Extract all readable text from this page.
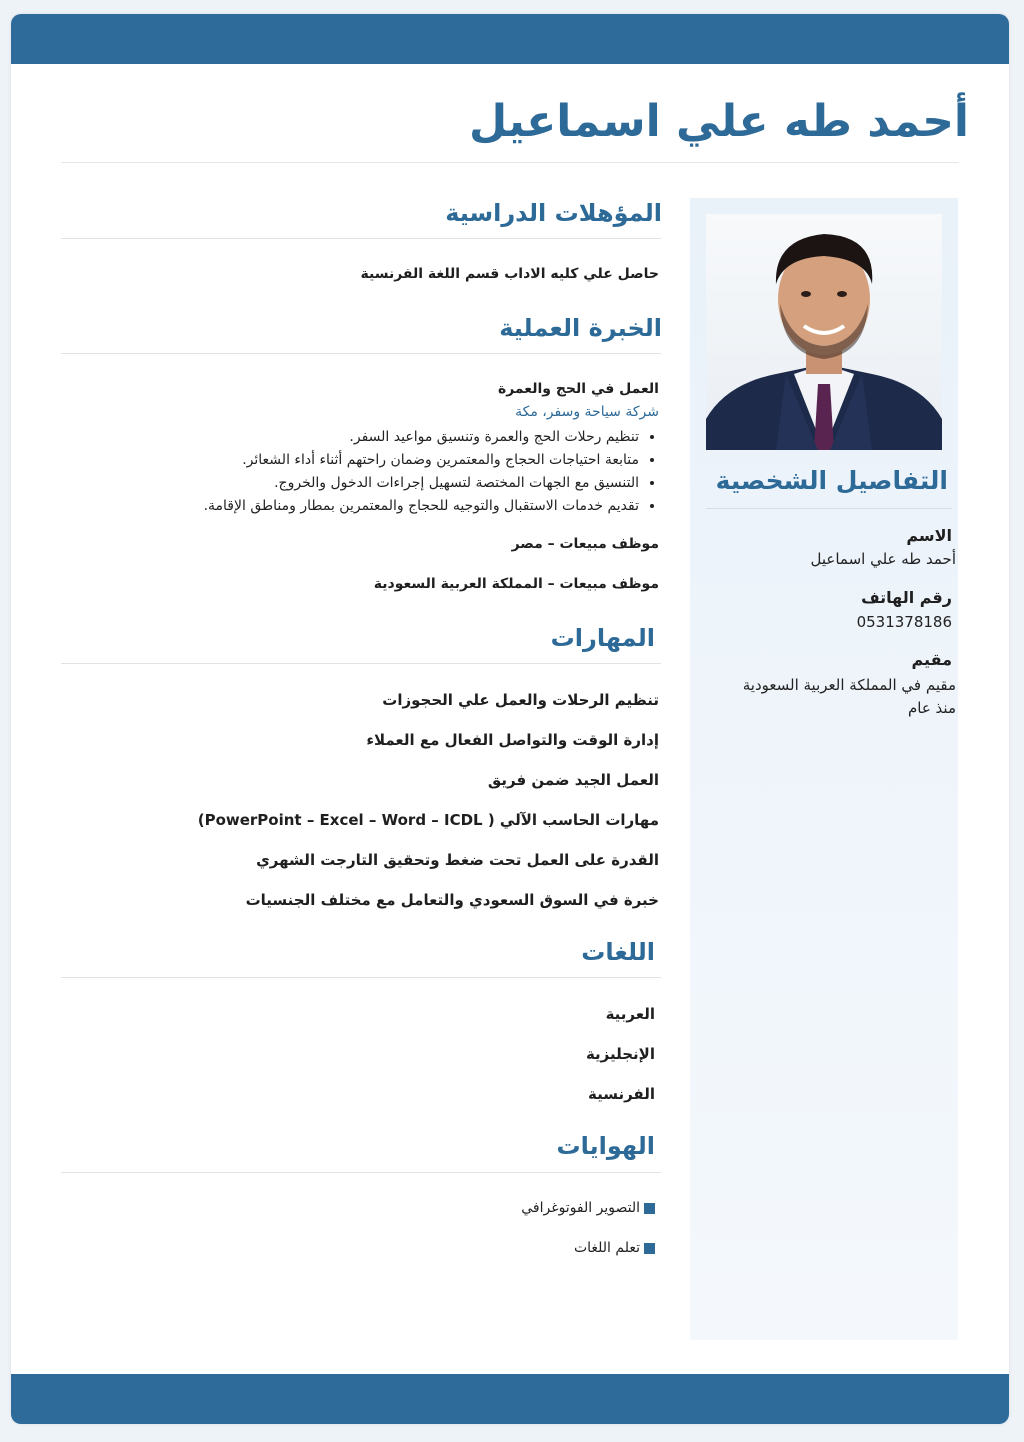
أحمد طه علي اسماعيل
التفاصيل الشخصية
الاسم
أحمد طه علي اسماعيل
رقم الهاتف
0531378186
مقيم
مقيم في المملكة العربية السعودية
منذ عام
المؤهلات الدراسية
حاصل علي كليه الاداب قسم اللغة الفرنسية
الخبرة العملية
العمل في الحج والعمرة
شركة سياحة وسفر، مكة
• تنظيم رحلات الحج والعمرة وتنسيق مواعيد السفر.
• متابعة احتياجات الحجاج والمعتمرين وضمان راحتهم أثناء أداء الشعائر.
• التنسيق مع الجهات المختصة لتسهيل إجراءات الدخول والخروج.
• تقديم خدمات الاستقبال والتوجيه للحجاج والمعتمرين بمطار ومناطق الإقامة.
موظف مبيعات – مصر
موظف مبيعات – المملكة العربية السعودية
المهارات
تنظيم الرحلات والعمل علي الحجوزات
إدارة الوقت والتواصل الفعال مع العملاء
العمل الجيد ضمن فريق
مهارات الحاسب الآلي ( PowerPoint – Excel – Word – ICDL)
القدرة على العمل تحت ضغط وتحقيق التارجت الشهري
خبرة في السوق السعودي والتعامل مع مختلف الجنسيات
اللغات
العربية
الإنجليزية
الفرنسية
الهوايات
التصوير الفوتوغرافي
تعلم اللغات
